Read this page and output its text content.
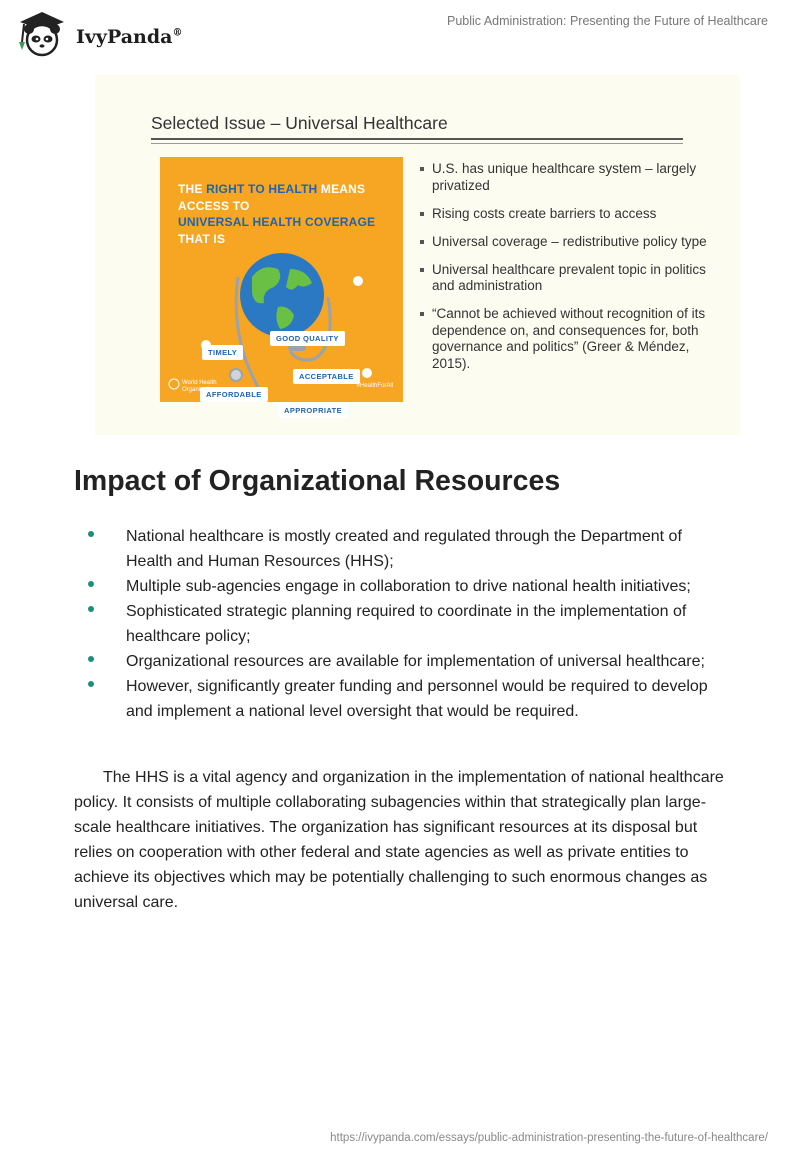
IvyPanda®
Public Administration: Presenting the Future of Healthcare
Selected Issue – Universal Healthcare
THE RIGHT TO HEALTH MEANS
ACCESS TO
UNIVERSAL HEALTH COVERAGE
THAT IS
TIMELY
GOOD QUALITY
ACCEPTABLE
AFFORDABLE
APPROPRIATE
World Health
Organization
#HealthForAll
U.S. has unique healthcare system – largely privatized
Rising costs create barriers to access
Universal coverage – redistributive policy type
Universal healthcare prevalent topic in politics and administration
“Cannot be achieved without recognition of its dependence on, and consequences for, both governance and politics” (Greer & Méndez, 2015).
Impact of Organizational Resources
National healthcare is mostly created and regulated through the Department of Health and Human Resources (HHS);
Multiple sub-agencies engage in collaboration to drive national health initiatives;
Sophisticated strategic planning required to coordinate in the implementation of healthcare policy;
Organizational resources are available for implementation of universal healthcare;
However, significantly greater funding and personnel would be required to develop and implement a national level oversight that would be required.

The HHS is a vital agency and organization in the implementation of national healthcare policy. It consists of multiple collaborating subagencies within that strategically plan large-scale healthcare initiatives. The organization has significant resources at its disposal but relies on cooperation with other federal and state agencies as well as private entities to achieve its objectives which may be potentially challenging to such enormous changes as universal care.

https://ivypanda.com/essays/public-administration-presenting-the-future-of-healthcare/
